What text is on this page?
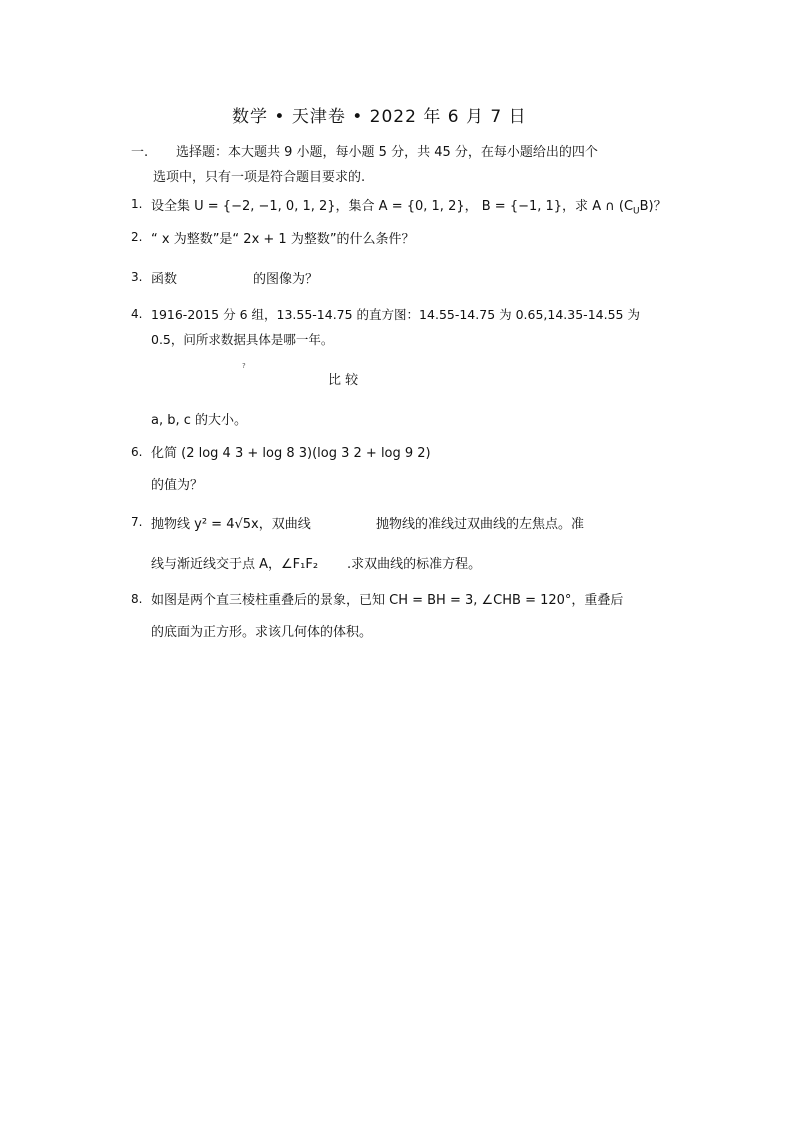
数学 • 天津卷 • 2022 年 6 月 7 日
一. 选择题：本大题共 9 小题，每小题 5 分，共 45 分，在每小题给出的四个
选项中，只有一项是符合题目要求的.
1. 设全集 U = {−2, −1, 0, 1, 2}，集合 A = {0, 1, 2}， B = {−1, 1}，求 A ∩ $(C_UB)$？
2. “ x 为整数”是“ 2x + 1 为整数”的什么条件？
3. 函数	的图像为？
4. 1916-2015 分 6 组，13.55-14.75 的直方图：14.55-14.75 为 0.65,14.35-14.55 为
0.5，问所求数据具体是哪一年。
?
比 较
a, b, c 的大小。
6. 化简 (2 log 4 3 + log 8 3)(log 3 2 + log 9 2)
的值为？
7. 抛物线 y² = 4√5x，双曲线	抛物线的准线过双曲线的左焦点。准
线与渐近线交于点 A，∠F₁F₂ .求双曲线的标准方程。
8. 如图是两个直三棱柱重叠后的景象，已知 CH = BH = 3, ∠CHB = 120°，重叠后
的底面为正方形。求该几何体的体积。
